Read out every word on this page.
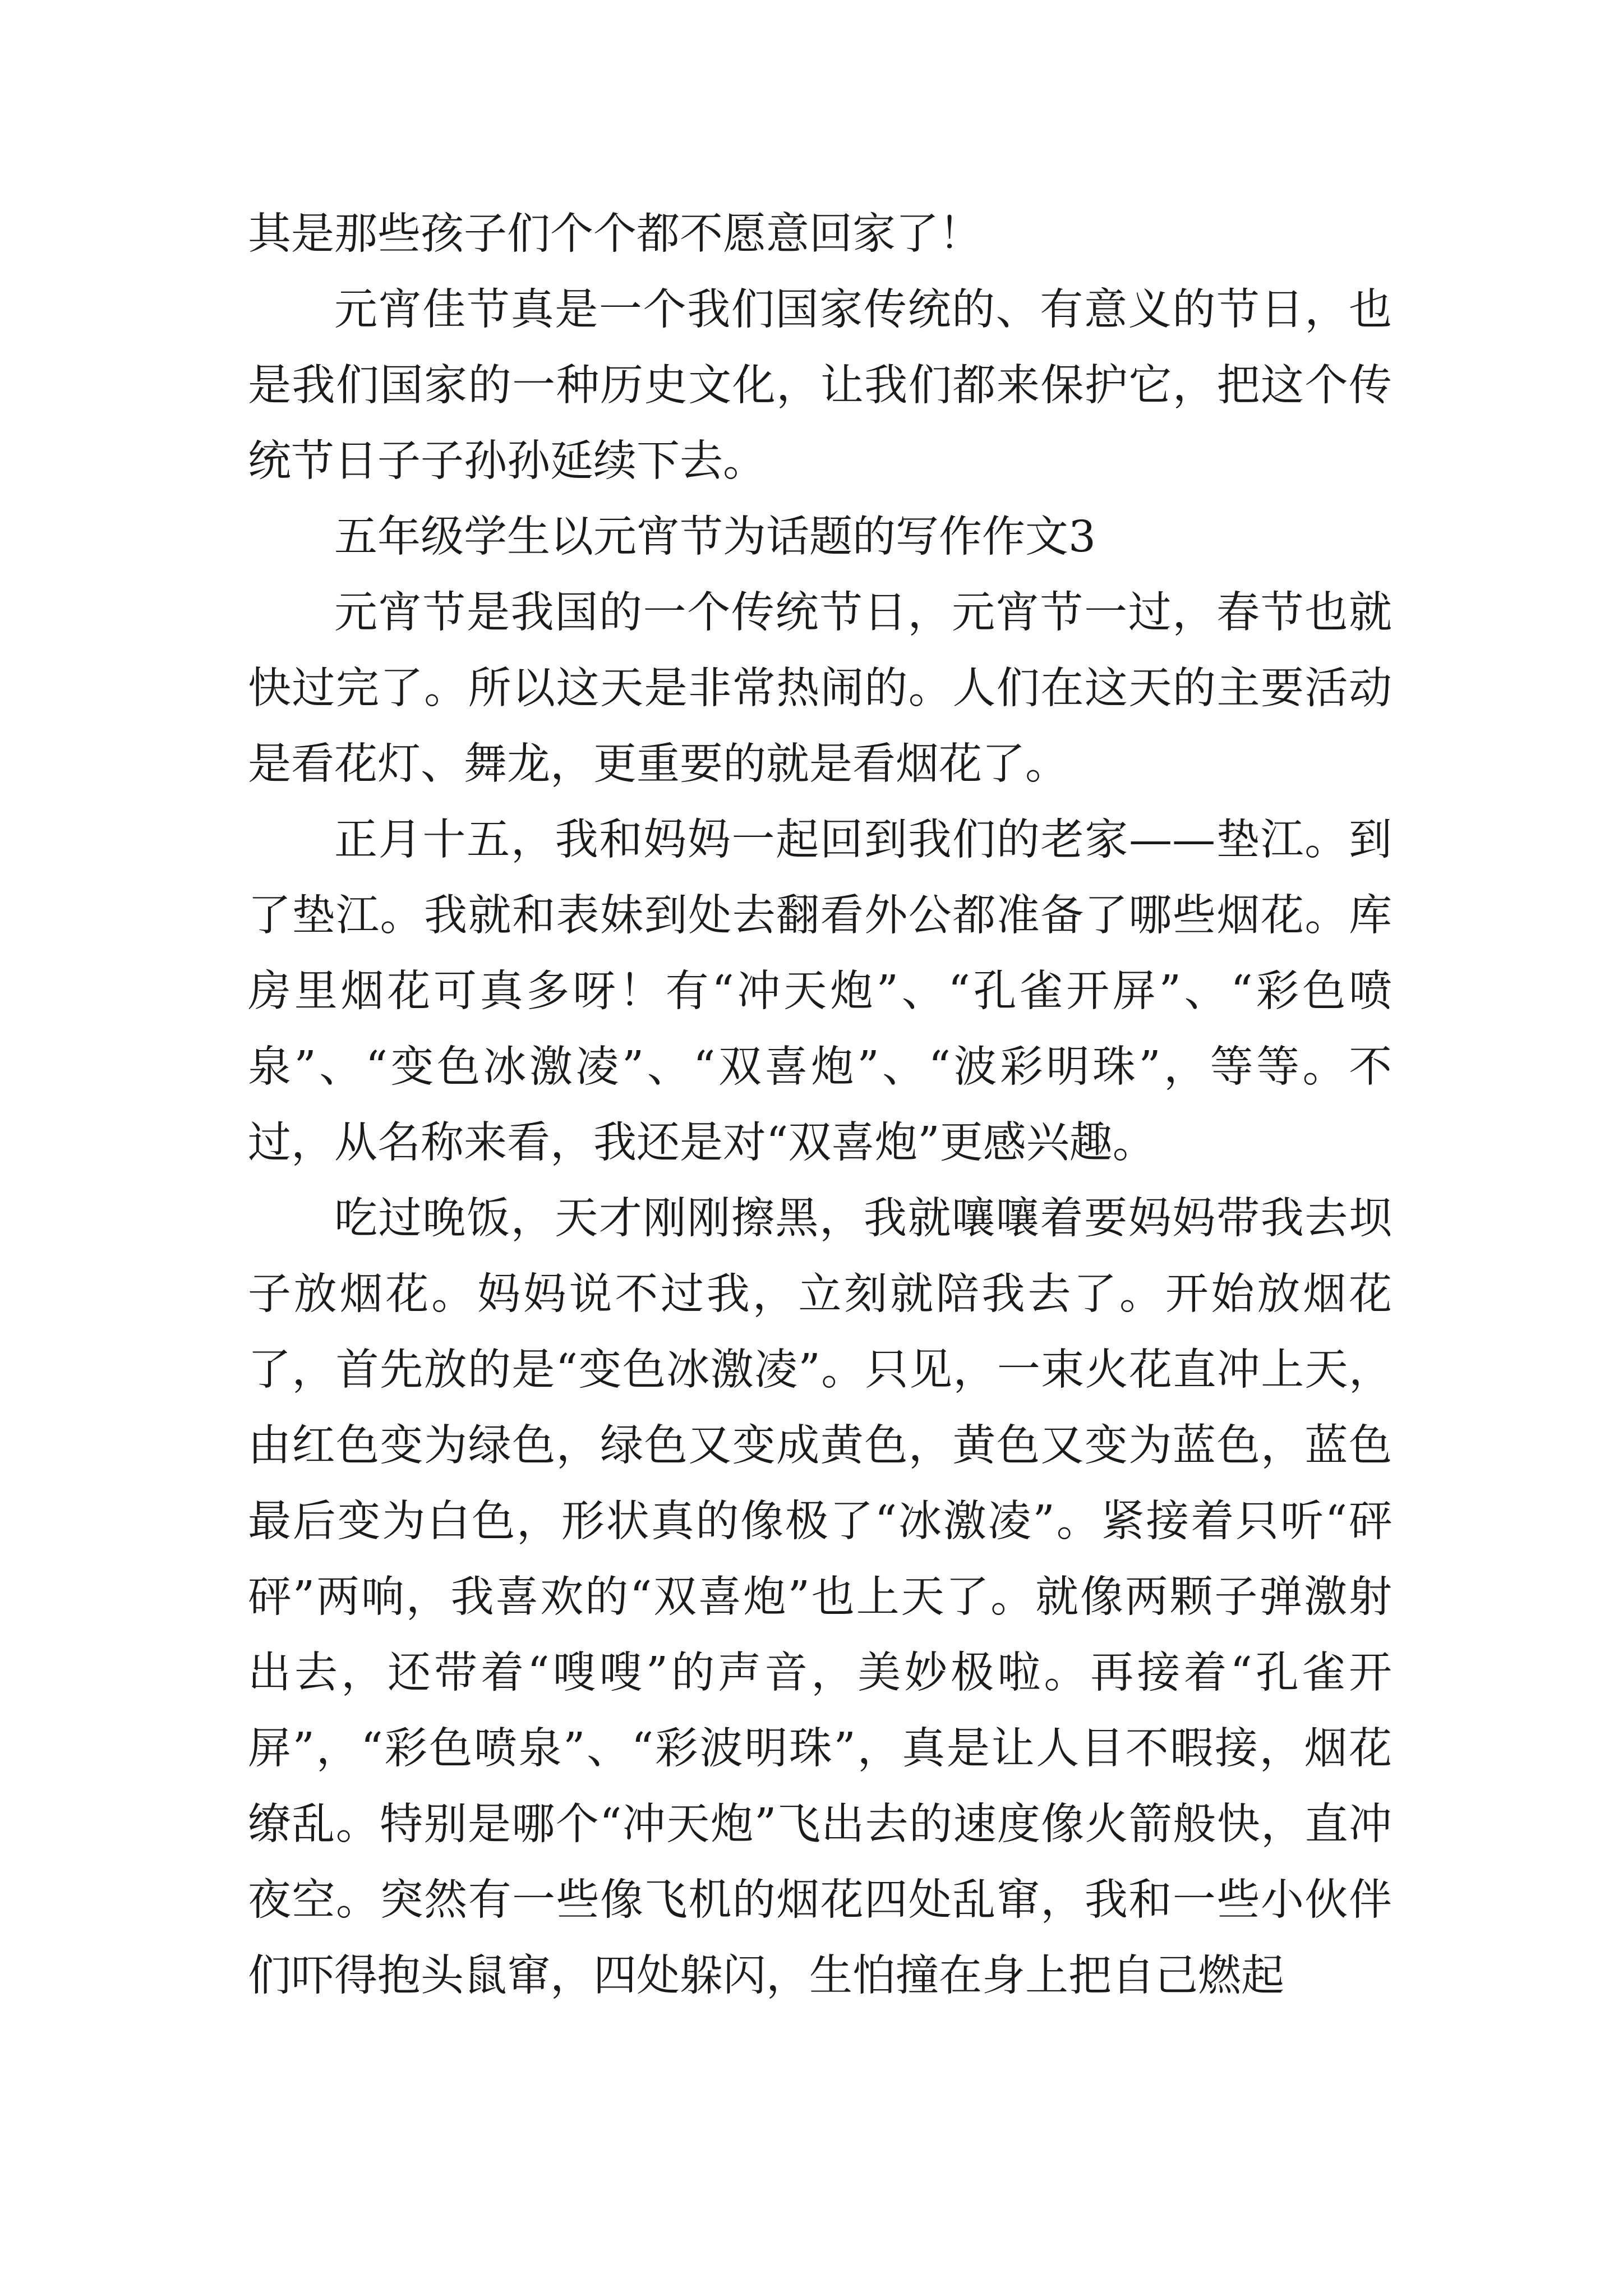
其是那些孩子们个个都不愿意回家了！

元宵佳节真是一个我们国家传统的、有意义的节日，也是我们国家的一种历史文化，让我们都来保护它，把这个传统节日子子孙孙延续下去。

五年级学生以元宵节为话题的写作作文3

元宵节是我国的一个传统节日，元宵节一过，春节也就快过完了。所以这天是非常热闹的。人们在这天的主要活动是看花灯、舞龙，更重要的就是看烟花了。

正月十五，我和妈妈一起回到我们的老家——垫江。到了垫江。我就和表妹到处去翻看外公都准备了哪些烟花。库房里烟花可真多呀！有“冲天炮”、“孔雀开屏”、“彩色喷泉”、“变色冰激凌”、“双喜炮”、“波彩明珠”，等等。不过，从名称来看，我还是对“双喜炮”更感兴趣。

吃过晚饭，天才刚刚擦黑，我就嚷嚷着要妈妈带我去坝子放烟花。妈妈说不过我，立刻就陪我去了。开始放烟花了，首先放的是“变色冰激凌”。只见，一束火花直冲上天，由红色变为绿色，绿色又变成黄色，黄色又变为蓝色，蓝色最后变为白色，形状真的像极了“冰激凌”。紧接着只听“砰砰”两响，我喜欢的“双喜炮”也上天了。就像两颗子弹激射出去，还带着“嗖嗖”的声音，美妙极啦。再接着“孔雀开屏”，“彩色喷泉”、“彩波明珠”，真是让人目不暇接，烟花缭乱。特别是哪个“冲天炮”飞出去的速度像火箭般快，直冲夜空。突然有一些像飞机的烟花四处乱窜，我和一些小伙伴们吓得抱头鼠窜，四处躲闪，生怕撞在身上把自己燃起
